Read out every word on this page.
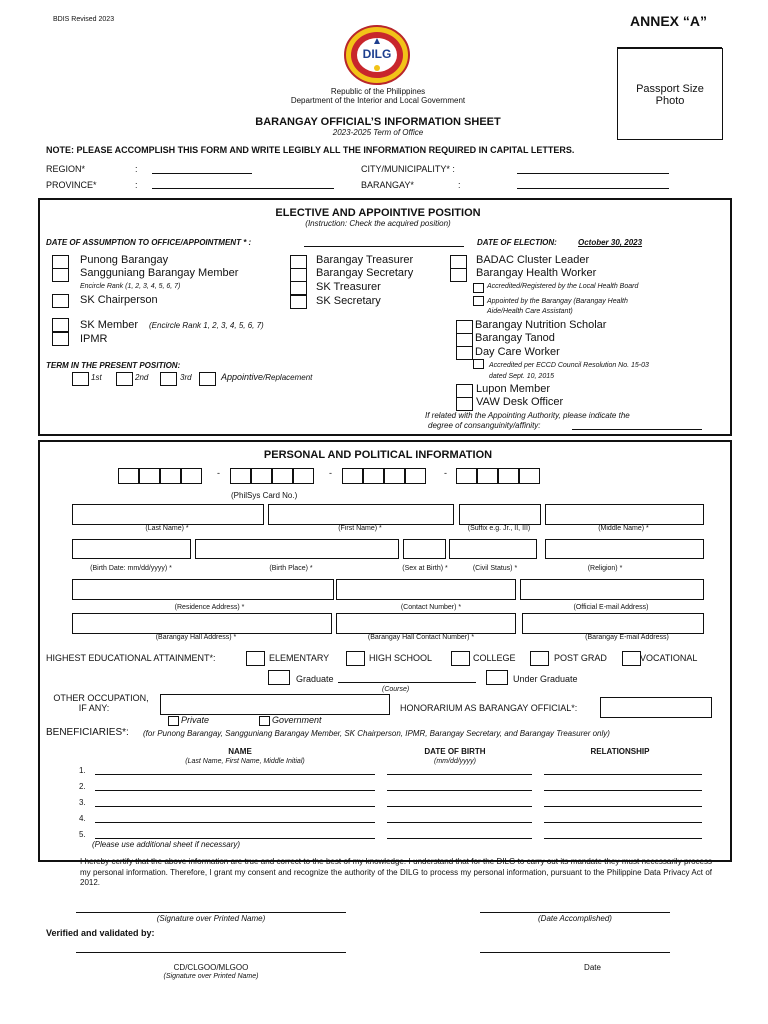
BDIS Revised 2023	ANNEX “A”
Passport Size
Photo
DILG
Republic of the Philippines
Department of the Interior and Local Government
BARANGAY OFFICIAL’S INFORMATION SHEET
2023-2025 Term of Office
NOTE: PLEASE ACCOMPLISH THIS FORM AND WRITE LEGIBLY ALL THE INFORMATION REQUIRED IN CAPITAL LETTERS.
REGION*	:
PROVINCE*	:
CITY/MUNICIPALITY* :
BARANGAY*	:
ELECTIVE AND APPOINTIVE POSITION
(Instruction: Check the acquired position)
DATE OF ASSUMPTION TO OFFICE/APPOINTMENT * :	DATE OF ELECTION:	October 30, 2023
Punong Barangay
Sangguniang Barangay Member
Encircle Rank (1, 2, 3, 4, 5, 6, 7)
SK Chairperson
SK Member (Encircle Rank 1, 2, 3, 4, 5, 6, 7)
IPMR
Barangay Treasurer
Barangay Secretary
SK Treasurer
SK Secretary
BADAC Cluster Leader
Barangay Health Worker
Accredited/Registered by the Local Health Board
Appointed by the Barangay (Barangay Health
Aide/Health Care Assistant)
Barangay Nutrition Scholar
Barangay Tanod
Day Care Worker
Accredited per ECCD Council Resolution No. 15-03
dated Sept. 10, 2015
Lupon Member
VAW Desk Officer
If related with the Appointing Authority, please indicate the
degree of consanguinity/affinity:
TERM IN THE PRESENT POSITION:
1st	2nd	3rd	Appointive/Replacement
PERSONAL AND POLITICAL INFORMATION
-	-	-
(PhilSys Card No.)
(Last Name) *	(First Name) *	(Suffix e.g. Jr., II, III)	(Middle Name) *
(Birth Date: mm/dd/yyyy) *	(Birth Place) *	(Sex at Birth) *	(Civil Status) *	(Religion) *
(Residence Address) *	(Contact Number) *	(Official E-mail Address)
(Barangay Hall Address) *	(Barangay Hall Contact Number) *	(Barangay E-mail Address)
HIGHEST EDUCATIONAL ATTAINMENT*:	ELEMENTARY	HIGH SCHOOL	COLLEGE	POST GRAD	VOCATIONAL
Graduate
(Course)
Under Graduate
OTHER OCCUPATION,
IF ANY:	HONORARIUM AS BARANGAY OFFICIAL*:
Private	Government
BENEFICIARIES*: (for Punong Barangay, Sangguniang Barangay Member, SK Chairperson, IPMR, Barangay Secretary, and Barangay Treasurer only)
NAME
(Last Name, First Name, Middle Initial)
DATE OF BIRTH
(mm/dd/yyyy)
RELATIONSHIP
1.
2.
3.
4.
5.
(Please use additional sheet if necessary)
I hereby certify that the above information are true and correct to the best of my knowledge. I understand that for the DILG to carry out its mandate they must necessarily process my personal information. Therefore, I grant my consent and recognize the authority of the DILG to process my personal information, pursuant to the Philippine Data Privacy Act of 2012.
(Signature over Printed Name)	(Date Accomplished)
Verified and validated by:
CD/CLGOO/MLGOO
(Signature over Printed Name)
Date
